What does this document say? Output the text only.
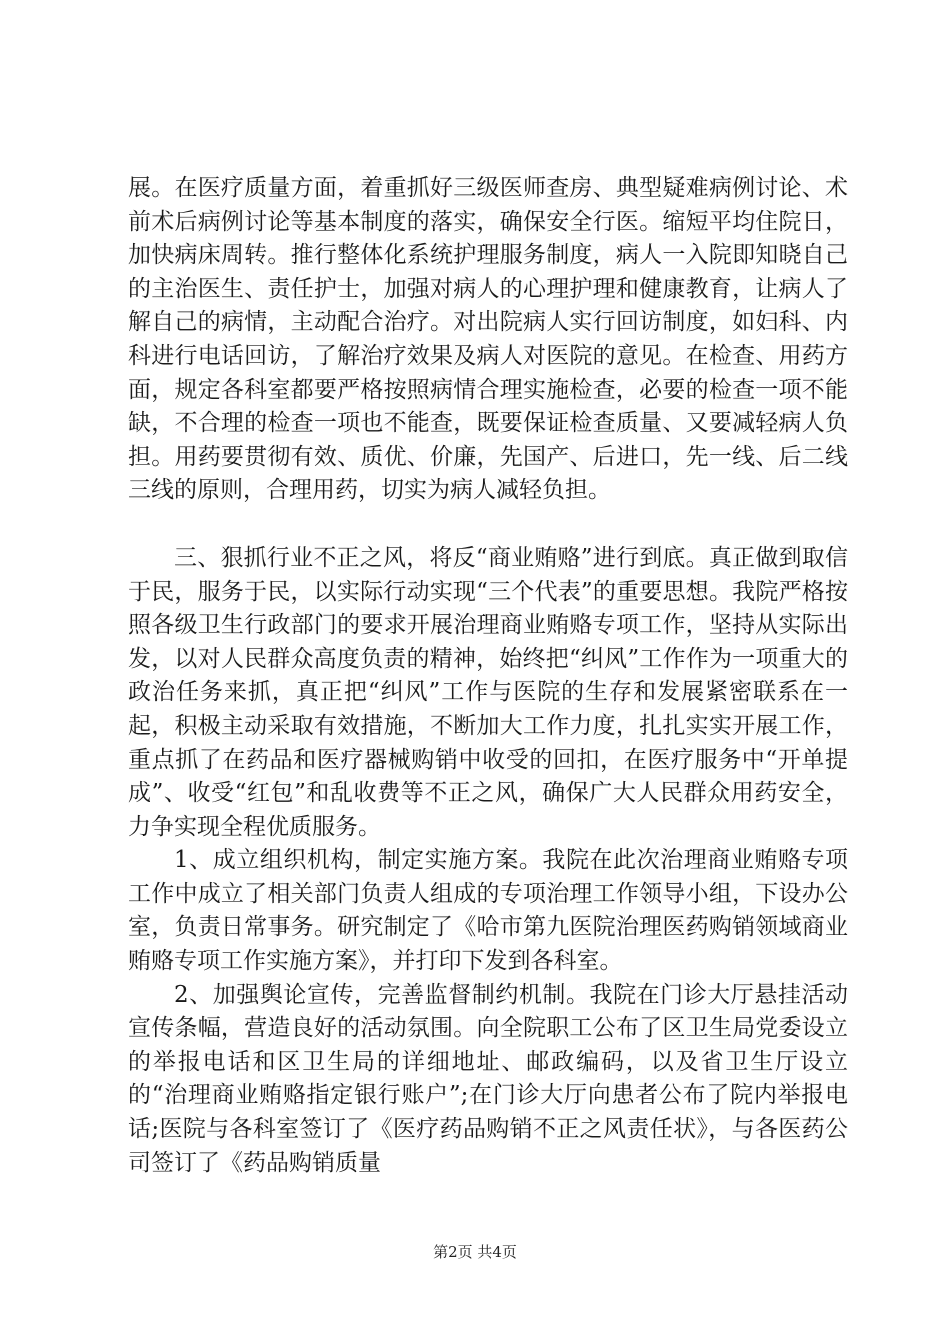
展。在医疗质量方面，着重抓好三级医师查房、典型疑难病例讨论、术前术后病例讨论等基本制度的落实，确保安全行医。缩短平均住院日，加快病床周转。推行整体化系统护理服务制度，病人一入院即知晓自己的主治医生、责任护士，加强对病人的心理护理和健康教育，让病人了解自己的病情，主动配合治疗。对出院病人实行回访制度，如妇科、内科进行电话回访，了解治疗效果及病人对医院的意见。在检查、用药方面，规定各科室都要严格按照病情合理实施检查，必要的检查一项不能缺，不合理的检查一项也不能查，既要保证检查质量、又要减轻病人负担。用药要贯彻有效、质优、价廉，先国产、后进口，先一线、后二线三线的原则，合理用药，切实为病人减轻负担。

三、狠抓行业不正之风，将反“商业贿赂”进行到底。真正做到取信于民，服务于民，以实际行动实现“三个代表”的重要思想。我院严格按照各级卫生行政部门的要求开展治理商业贿赂专项工作，坚持从实际出发，以对人民群众高度负责的精神，始终把“纠风”工作作为一项重大的政治任务来抓，真正把“纠风”工作与医院的生存和发展紧密联系在一起，积极主动采取有效措施，不断加大工作力度，扎扎实实开展工作，重点抓了在药品和医疗器械购销中收受的回扣，在医疗服务中“开单提成”、收受“红包”和乱收费等不正之风，确保广大人民群众用药安全，力争实现全程优质服务。

1、成立组织机构，制定实施方案。我院在此次治理商业贿赂专项工作中成立了相关部门负责人组成的专项治理工作领导小组，下设办公室，负责日常事务。研究制定了《哈市第九医院治理医药购销领域商业贿赂专项工作实施方案》，并打印下发到各科室。

2、加强舆论宣传，完善监督制约机制。我院在门诊大厅悬挂活动宣传条幅，营造良好的活动氛围。向全院职工公布了区卫生局党委设立的举报电话和区卫生局的详细地址、邮政编码，以及省卫生厅设立的“治理商业贿赂指定银行账户”;在门诊大厅向患者公布了院内举报电话;医院与各科室签订了《医疗药品购销不正之风责任状》，与各医药公司签订了《药品购销质量

第2页 共4页
